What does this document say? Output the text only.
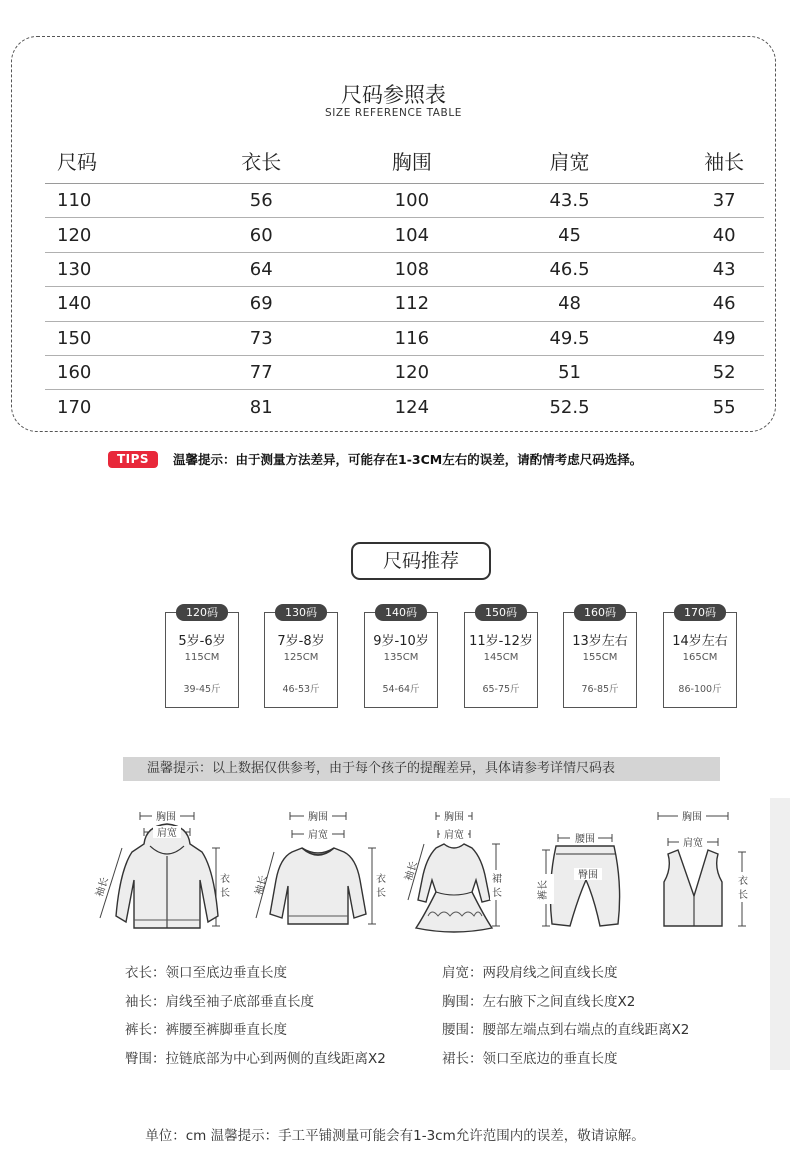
尺码参照表
SIZE REFERENCE TABLE
尺码	衣长	胸围	肩宽	袖长
110	56	100	43.5	37
120	60	104	45	40
130	64	108	46.5	43
140	69	112	48	46
150	73	116	49.5	49
160	77	120	51	52
170	81	124	52.5	55
TIPS	温馨提示：由于测量方法差异，可能存在1-3CM左右的误差，请酌情考虑尺码选择。
尺码推荐
120码
5岁-6岁
115CM
39-45斤
130码
7岁-8岁
125CM
46-53斤
140码
9岁-10岁
135CM
54-64斤
150码
11岁-12岁
145CM
65-75斤
160码
13岁左右
155CM
76-85斤
170码
14岁左右
165CM
86-100斤
温馨提示：以上数据仅供参考，由于每个孩子的提醒差异，具体请参考详情尺码表
胸围
肩宽
袖长	衣
长
胸围
肩宽
袖长	衣
长
胸围
肩宽
袖长	裙
长
腰围
臀围
裤长
胸围
肩宽
衣
长
衣长：领口至底边垂直长度	肩宽：两段肩线之间直线长度
袖长：肩线至袖子底部垂直长度	胸围：左右腋下之间直线长度X2
裤长：裤腰至裤脚垂直长度	腰围：腰部左端点到右端点的直线距离X2
臀围：拉链底部为中心到两侧的直线距离X2	裙长：领口至底边的垂直长度
单位：cm 温馨提示：手工平铺测量可能会有1-3cm允许范围内的误差，敬请谅解。
